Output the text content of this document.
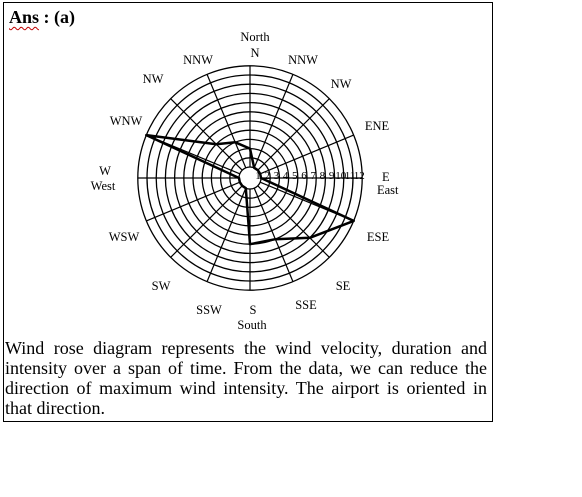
Ans : (a)
North
N
NNW	NNW
NW	NW
WNW	ENE
W
West
E
East
WSW	ESE
SW	SE
SSW	SSE
S
South
1 2 3 4 5 6 7 8 9 10
11
12
Wind rose diagram represents the wind velocity, duration and intensity over a span of time. From the data, we can reduce the direction of maximum wind intensity. The airport is oriented in that direction.
